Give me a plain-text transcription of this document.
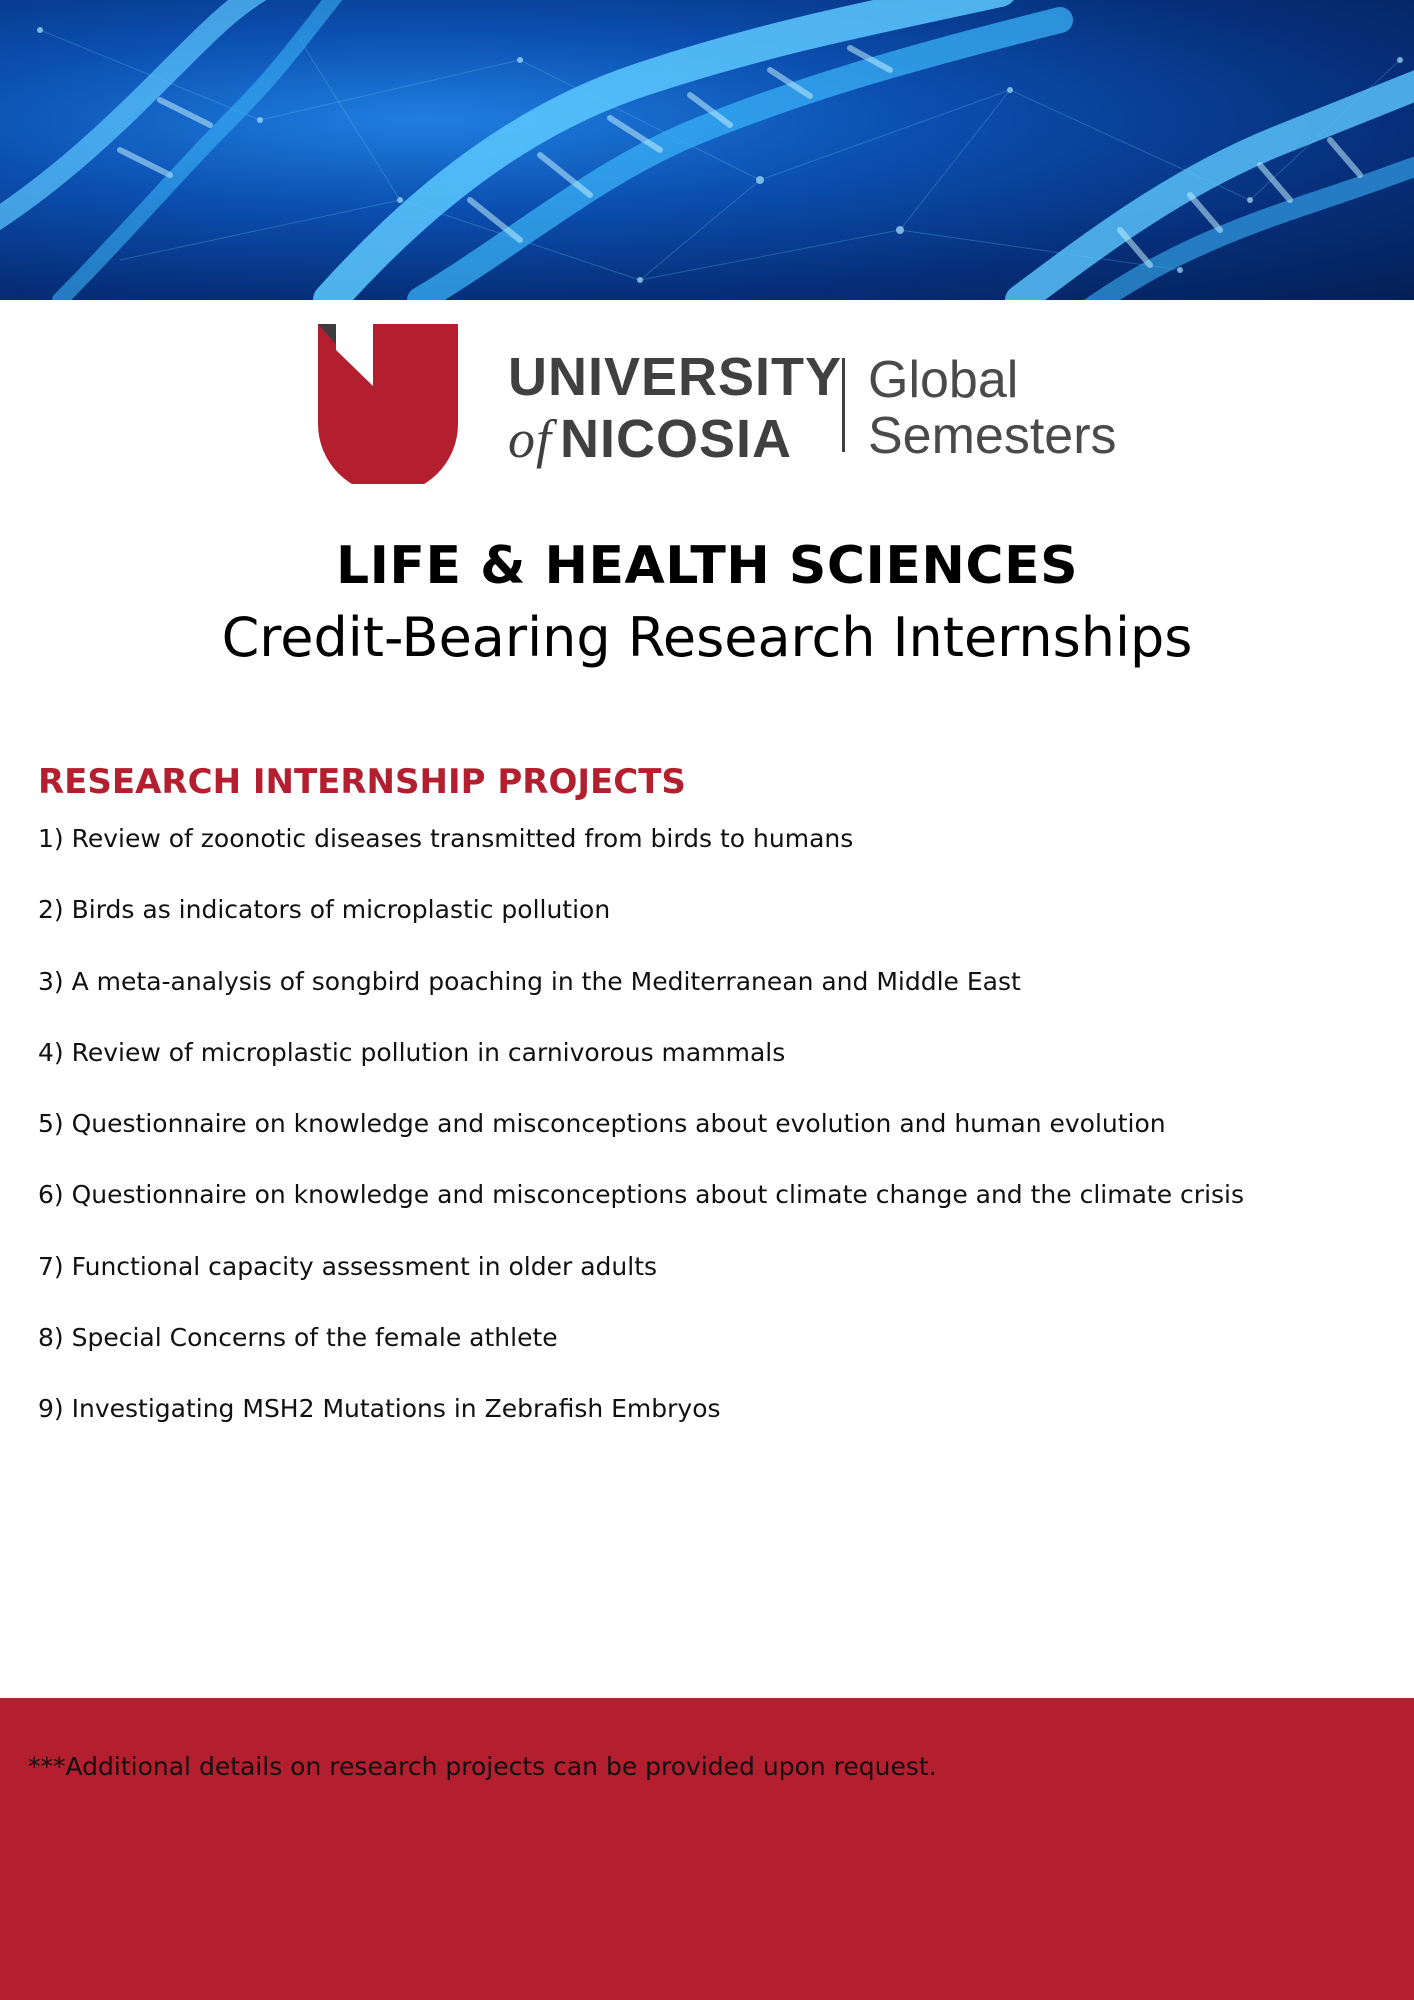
UNIVERSITY
of NICOSIA
Global
Semesters
LIFE & HEALTH SCIENCES
Credit-Bearing Research Internships
RESEARCH INTERNSHIP PROJECTS
1) Review of zoonotic diseases transmitted from birds to humans
2) Birds as indicators of microplastic pollution
3) A meta-analysis of songbird poaching in the Mediterranean and Middle East
4) Review of microplastic pollution in carnivorous mammals
5) Questionnaire on knowledge and misconceptions about evolution and human evolution
6) Questionnaire on knowledge and misconceptions about climate change and the climate crisis
7) Functional capacity assessment in older adults
8) Special Concerns of the female athlete
9) Investigating MSH2 Mutations in Zebrafish Embryos
***Additional details on research projects can be provided upon request.
